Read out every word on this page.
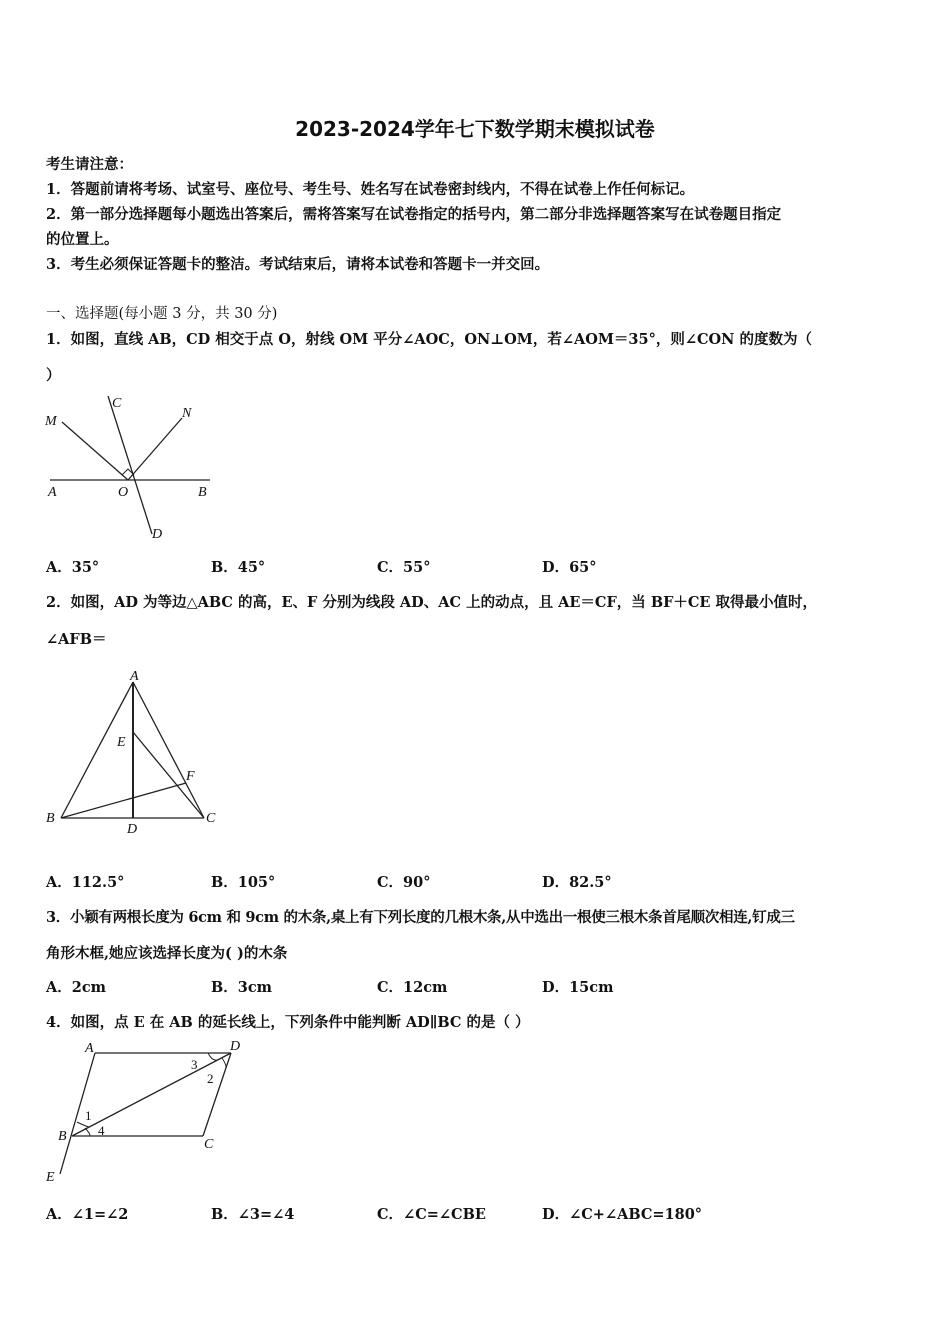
2023-2024学年七下数学期末模拟试卷
考生请注意：
1．答题前请将考场、试室号、座位号、考生号、姓名写在试卷密封线内，不得在试卷上作任何标记。
2．第一部分选择题每小题选出答案后，需将答案写在试卷指定的括号内，第二部分非选择题答案写在试卷题目指定
的位置上。
3．考生必须保证答题卡的整洁。考试结束后，请将本试卷和答题卡一并交回。
一、选择题(每小题 3 分，共 30 分)
1．如图，直线 AB，CD 相交于点 O，射线 OM 平分∠AOC，ON⊥OM，若∠AOM＝35°，则∠CON 的度数为（
）
M
C
N
A	O	B
D
A．35°	B．45°	C．55°	D．65°
2．如图，AD 为等边△ABC 的高，E、F 分别为线段 AD、AC 上的动点，且 AE＝CF，当 BF＋CE 取得最小值时，
∠AFB＝
A
E
F
B
D
C
A．112.5°	B．105°	C．90°	D．82.5°
3．小颖有两根长度为 6cm 和 9cm 的木条,桌上有下列长度的几根木条,从中选出一根使三根木条首尾顺次相连,钉成三
角形木框,她应该选择长度为( )的木条
A．2cm	B．3cm	C．12cm	D．15cm
4．如图，点 E 在 AB 的延长线上，下列条件中能判断 AD∥BC 的是（ ）
A	D
3
2
1
B 4
C
E
A．∠1=∠2	B．∠3=∠4	C．∠C=∠CBE	D．∠C+∠ABC=180°
